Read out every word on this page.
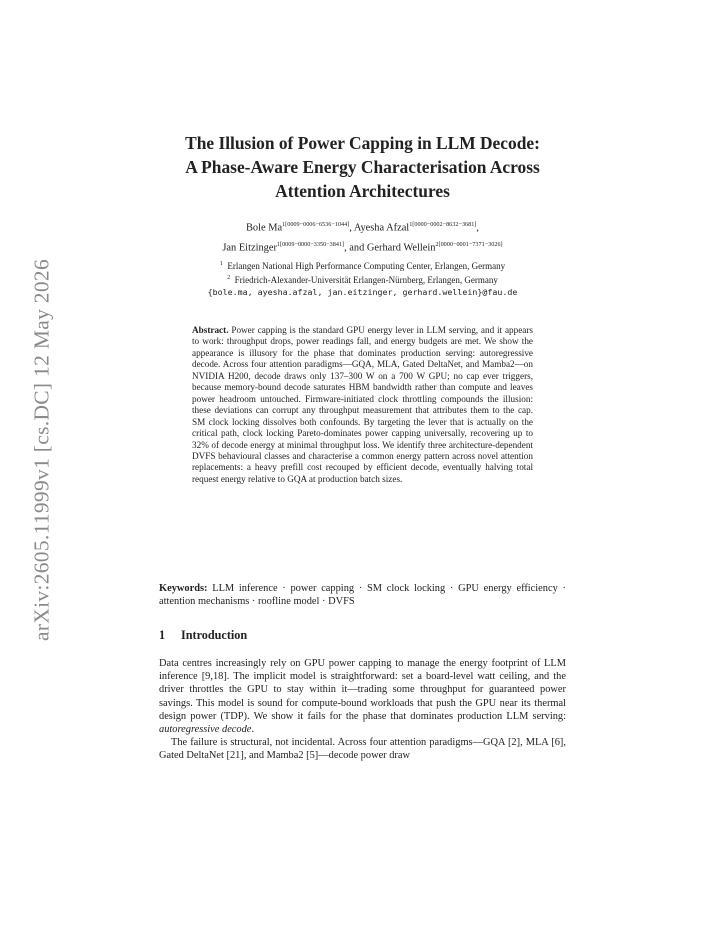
arXiv:2605.11999v1 [cs.DC] 12 May 2026
The Illusion of Power Capping in LLM Decode:
A Phase-Aware Energy Characterisation Across
Attention Architectures
Bole $Ma^{1[0009-0006-6536-1044]}$, Ayesha Afzal$^{1[0000-0002-8632-3681]}$,
Jan Eitzinger$^{1[0009-0000-3350-3841]}$, and Gerhard Wellein$^{2[0000-0001-7371-3026]}$
$^1$ Erlangen National High Performance Computing Center, Erlangen, Germany
$^2$ Friedrich-Alexander-Universität Erlangen-Nürnberg, Erlangen, Germany
{bole.ma, ayesha.afzal, jan.eitzinger, gerhard.wellein}@fau.de
Abstract. Power capping is the standard GPU energy lever in LLM serving, and it appears to work: throughput drops, power readings fall, and energy budgets are met. We show the appearance is illusory for the phase that dominates production serving: autoregressive decode. Across four attention paradigms—GQA, MLA, Gated DeltaNet, and Mamba2—on NVIDIA H200, decode draws only 137–300 W on a 700 W GPU; no cap ever triggers, because memory-bound decode saturates HBM bandwidth rather than compute and leaves power headroom untouched. Firmware-initiated clock throttling compounds the illusion: these deviations can corrupt any throughput measurement that attributes them to the cap. SM clock locking dissolves both confounds. By targeting the lever that is actually on the critical path, clock locking Pareto-dominates power capping universally, recovering up to 32% of decode energy at minimal throughput loss. We identify three architecture-dependent DVFS behavioural classes and characterise a common energy pattern across novel attention replacements: a heavy prefill cost recouped by efficient decode, eventually halving total request energy relative to GQA at production batch sizes.
Keywords: LLM inference · power capping · SM clock locking · GPU energy efficiency · attention mechanisms · roofline model · DVFS
1 Introduction

Data centres increasingly rely on GPU power capping to manage the energy footprint of LLM inference [9,18]. The implicit model is straightforward: set a board-level watt ceiling, and the driver throttles the GPU to stay within it—trading some throughput for guaranteed power savings. This model is sound for compute-bound workloads that push the GPU near its thermal design power (TDP). We show it fails for the phase that dominates production LLM serving: autoregressive decode.

The failure is structural, not incidental. Across four attention paradigms—GQA [2], MLA [6], Gated DeltaNet [21], and Mamba2 [5]—decode power draw
